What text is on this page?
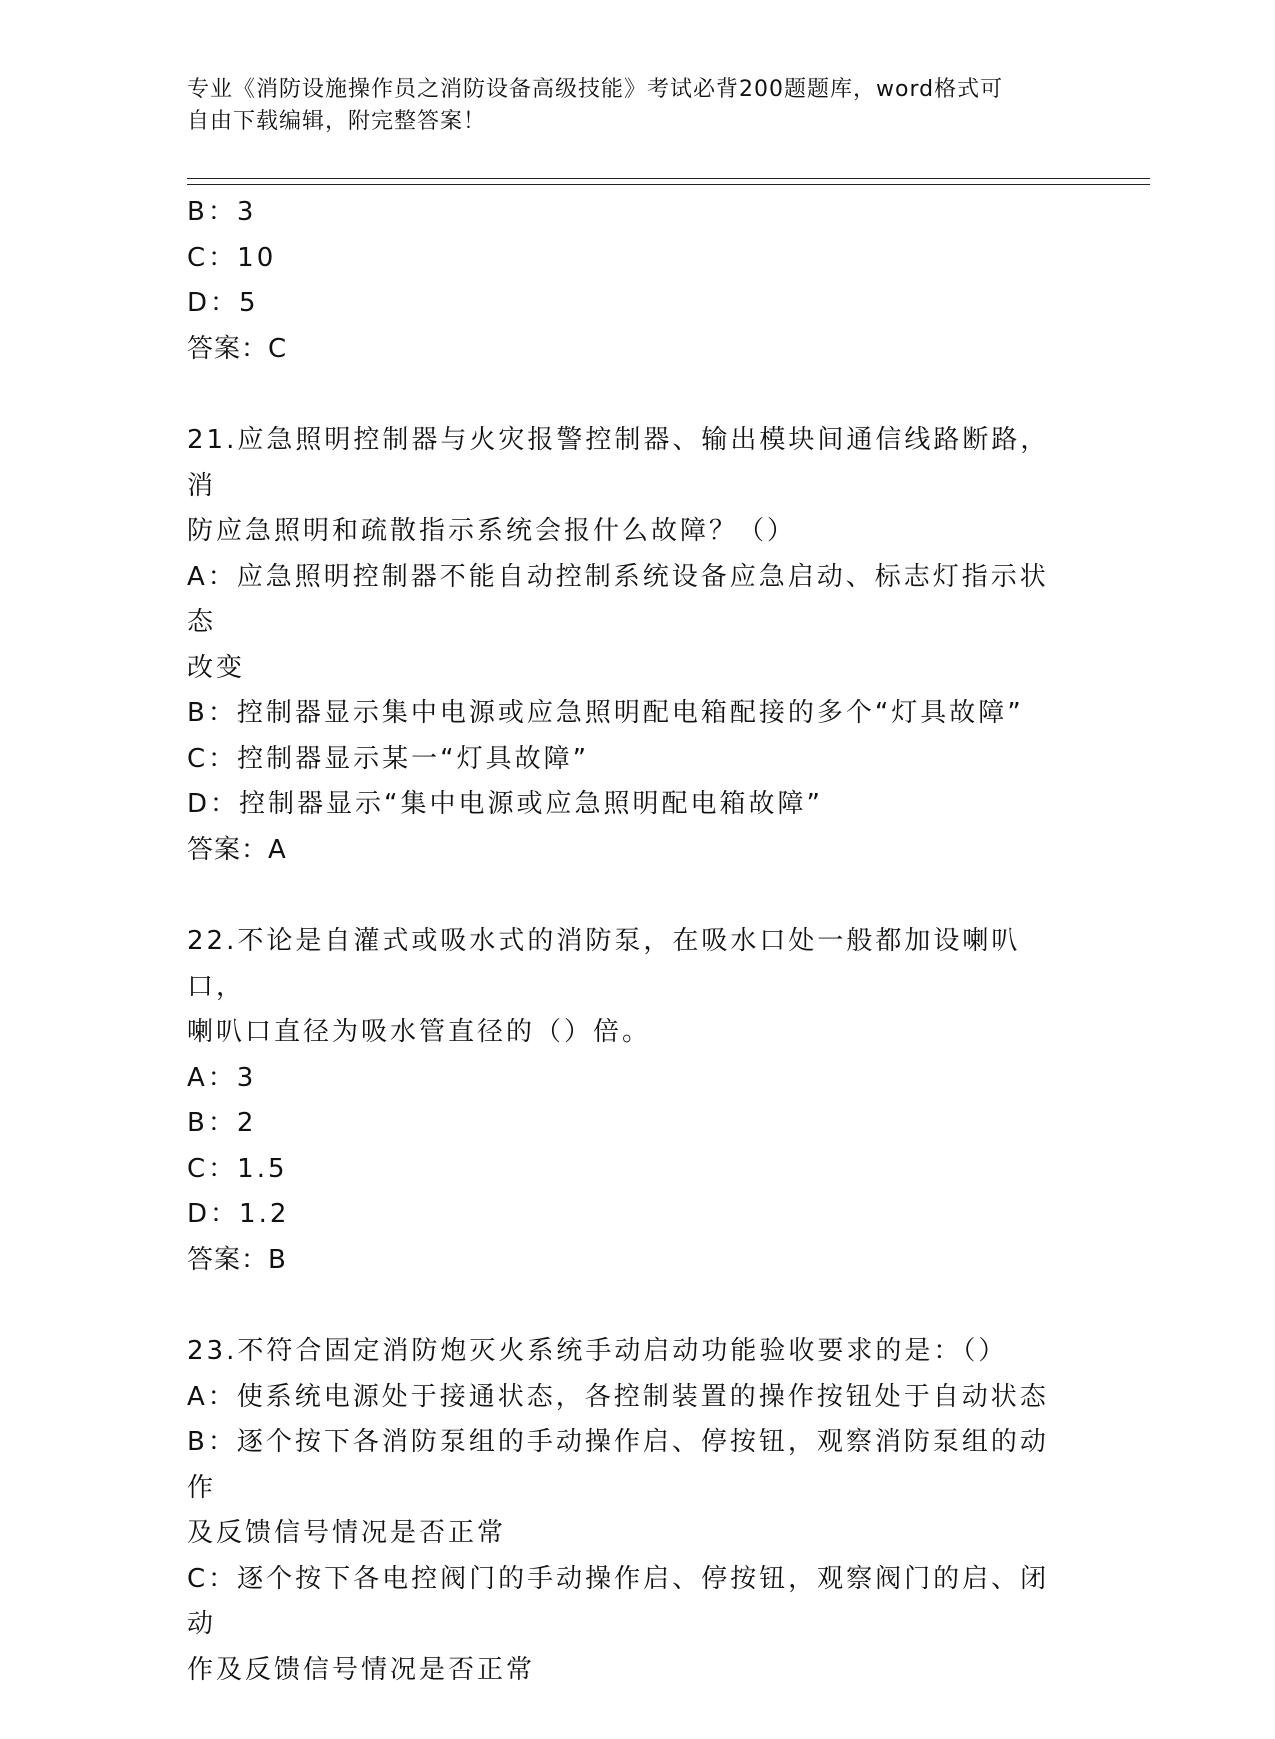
专业《消防设施操作员之消防设备高级技能》考试必背200题题库，word格式可
自由下载编辑，附完整答案！
B：3
C：10
D：5
答案：C
21.应急照明控制器与火灾报警控制器、输出模块间通信线路断路，消
防应急照明和疏散指示系统会报什么故障？（）
A：应急照明控制器不能自动控制系统设备应急启动、标志灯指示状态
改变
B：控制器显示集中电源或应急照明配电箱配接的多个“灯具故障”
C：控制器显示某一“灯具故障”
D：控制器显示“集中电源或应急照明配电箱故障”
答案：A
22.不论是自灌式或吸水式的消防泵，在吸水口处一般都加设喇叭口，
喇叭口直径为吸水管直径的（）倍。
A：3
B：2
C：1.5
D：1.2
答案：B
23.不符合固定消防炮灭火系统手动启动功能验收要求的是：（）
A：使系统电源处于接通状态，各控制装置的操作按钮处于自动状态
B：逐个按下各消防泵组的手动操作启、停按钮，观察消防泵组的动作
及反馈信号情况是否正常
C：逐个按下各电控阀门的手动操作启、停按钮，观察阀门的启、闭动
作及反馈信号情况是否正常
